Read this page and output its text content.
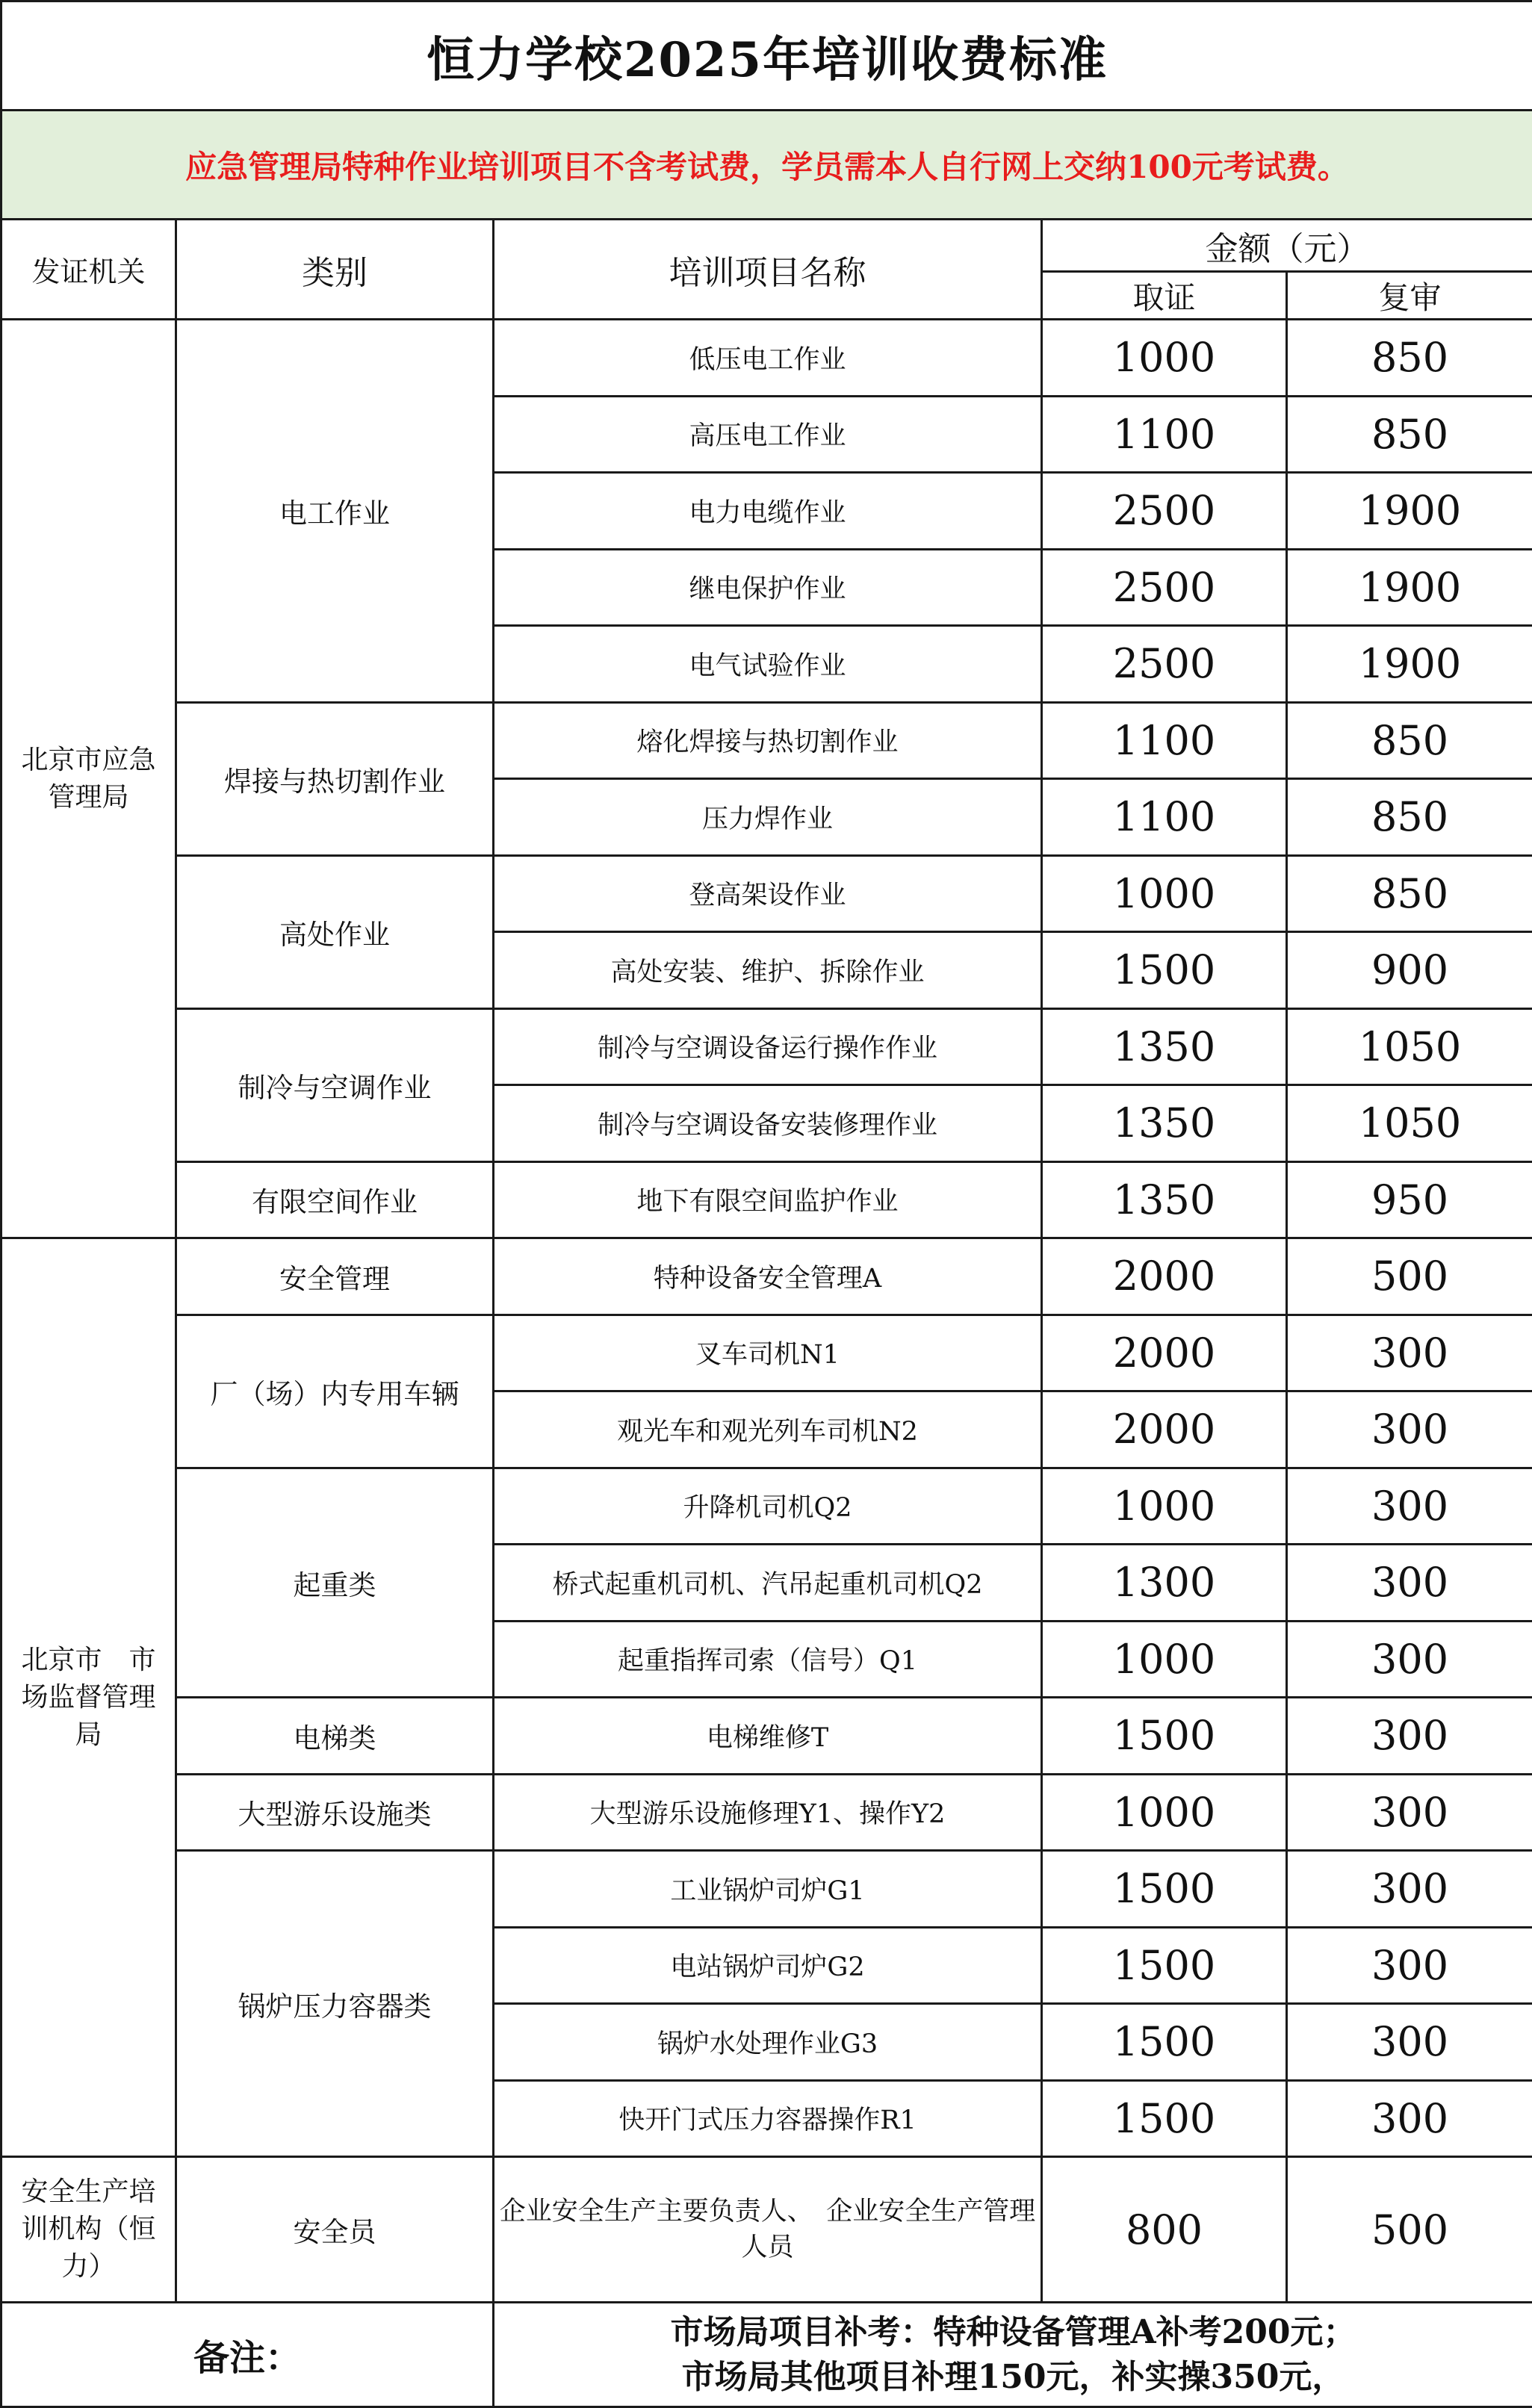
恒力学校2025年培训收费标准				
应急管理局特种作业培训项目不含考试费，学员需本人自行网上交纳100元考试费。				
发证机关	类别	培训项目名称	金额（元）	
			取证	复审
北京市应急管理局	电工作业	低压电工作业	1000	850
		高压电工作业	1100	850
		电力电缆作业	2500	1900
		继电保护作业	2500	1900
		电气试验作业	2500	1900
	焊接与热切割作业	熔化焊接与热切割作业	1100	850
		压力焊作业	1100	850
	高处作业	登高架设作业	1000	850
		高处安装、维护、拆除作业	1500	900
	制冷与空调作业	制冷与空调设备运行操作作业	1350	1050
		制冷与空调设备安装修理作业	1350	1050
	有限空间作业	地下有限空间监护作业	1350	950
北京市　市场监督管理局	安全管理	特种设备安全管理A	2000	500
	厂（场）内专用车辆	叉车司机N1	2000	300
		观光车和观光列车司机N2	2000	300
	起重类	升降机司机Q2	1000	300
		桥式起重机司机、汽吊起重机司机Q2	1300	300
		起重指挥司索（信号）Q1	1000	300
	电梯类	电梯维修T	1500	300
	大型游乐设施类	大型游乐设施修理Y1、操作Y2	1000	300
	锅炉压力容器类	工业锅炉司炉G1	1500	300
		电站锅炉司炉G2	1500	300
		锅炉水处理作业G3	1500	300
		快开门式压力容器操作R1	1500	300
安全生产培训机构（恒力）	安全员	企业安全生产主要负责人、　企业安全生产管理人员	800	500
备注：		市场局项目补考：特种设备管理A补考200元；
市场局其他项目补理150元，补实操350元，		
